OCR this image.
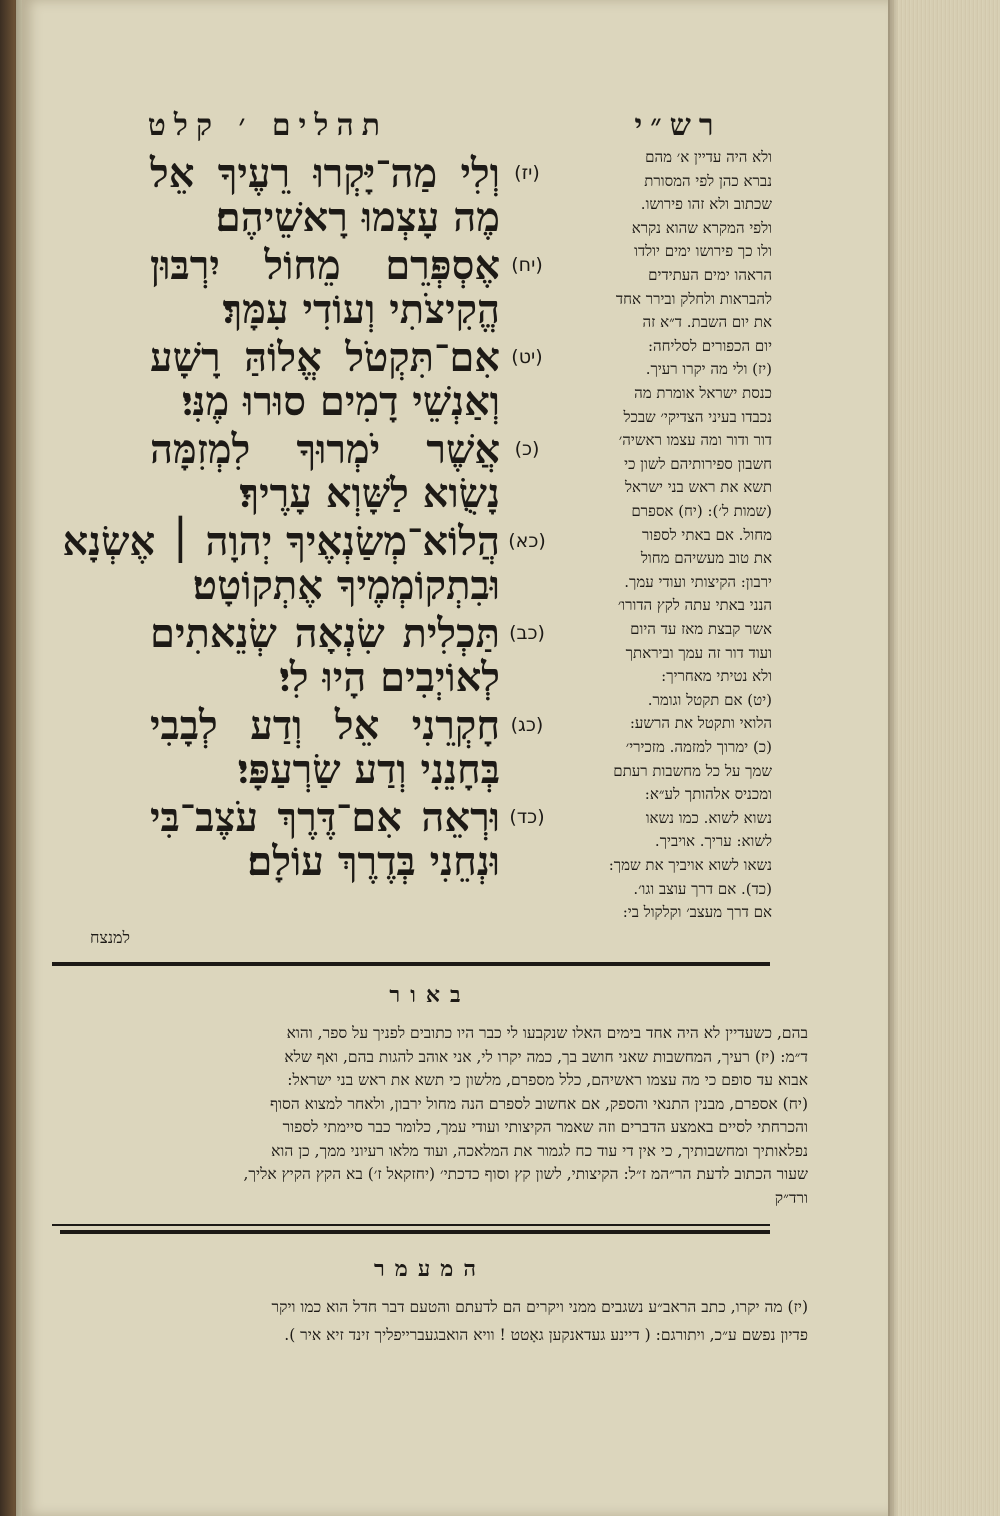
תהלים ׳ קלט	רש״י
(יז)
וְלִי מַה־יָּקְרוּ רֵעֶיךָ אֵל
מֶה עָצְמוּ רָאשֵׁיהֶם׃
(יח)
אֶסְפְּרֵם מֵחוֹל יִרְבּוּן
הֱקִיצֹתִי וְעוֹדִי עִמָּךְ׃
(יט)
אִם־תִּקְטֹל אֱלוֹהַּ רָשָׁע
וְאַנְשֵׁי דָמִים סוּרוּ מֶנִּי׃
(כ)
אֲשֶׁר יֹמְרוּךָ לִמְזִמָּה
נָשֻׂוא לַשָּׁוְא עָרֶיךָ׃
(כא)
הֲלוֹא־מְשַׂנְאֶיךָ יְהוָה ׀ אֶשְׂנָא
וּבִתְקוֹמְמֶיךָ אֶתְקוֹטָט׃
(כב)
תַּכְלִית שִׂנְאָה שְׂנֵאתִים
לְאוֹיְבִים הָיוּ לִי׃
(כג)
חָקְרֵנִי אֵל וְדַע לְבָבִי
בְּחָנֵנִי וְדַע שַׂרְעַפָּי׃
(כד)
וּרְאֵה אִם־דֶּרֶךְ עֹצֶב־בִּי
וּנְחֵנִי בְּדֶרֶךְ עוֹלָם׃
ולא היה עדיין א׳ מהם
נברא כהן לפי המסורת
שכתוב ולא זהו פירושו.
ולפי המקרא שהוא נקרא
ולו כך פירושו ימים יולדו
הראהו ימים העתידים
להבראות ולחלק ובירר אחד
את יום השבת. ד״א זה
יום הכפורים לסליחה:
(יז) ולי מה יקרו רעיך.
כנסת ישראל אומרת מה
נכבדו בעיני הצדיקי׳ שבכל
דור ודור ומה עצמו ראשיה׳
חשבון ספירותיהם לשון כי
תשא את ראש בני ישראל
(שמות ל׳): (יח) אספרם
מחול. אם באתי לספור
את טוב מעשיהם מחול
ירבון: הקיצותי ועודי עמך.
הנני באתי עתה לקץ הדורו׳
אשר קבצת מאז עד היום
ועוד דור זה עמך וביראתך
ולא נטיתי מאחריך:
(יט) אם תקטל וגומר.
הלואי ותקטל את הרשע:
(כ) ימרוך למזמה. מזכירי׳
שמך על כל מחשבות רעתם
ומכניס אלהותך לע״א:
נשוא לשוא. כמו נשאו
לשוא: עריך. אויביך.
נשאו לשוא אויביך את שמך:
(כד). אם דרך עוצב וגו׳.
אם דרך מעצב׳ וקלקול בי:
למנצח
באור
בהם, כשעדיין לא היה אחד בימים האלו שנקבעו לי כבר היו כתובים לפניך על ספר, והוא
ד״מ: (יז) רעיך, המחשבות שאני חושב בך, כמה יקרו לי, אני אוהב להגות בהם, ואף שלא
אבוא עד סופם כי מה עצמו ראשיהם, כלל מספרם, מלשון כי תשא את ראש בני ישראל:
(יח) אספרם, מבנין התנאי והספק, אם אחשוב לספרם הנה מחול ירבון, ולאחר למצוא הסוף
והכרחתי לסיים באמצע הדברים וזה שאמר הקיצותי ועודי עמך, כלומר כבר סיימתי לספור
נפלאותיך ומחשבותיך, כי אין די עוד כח לגמור את המלאכה, ועוד מלאו רעיוני ממך, כן הוא
שעור הכתוב לדעת הר״המ ז״ל: הקיצותי, לשון קץ וסוף כדכתי׳ (יחזקאל ז׳) בא הקץ הקיץ אליך,
ורד״ק
המעמר
(יז) מה יקרו, כתב הראב״ע נשגבים ממני ויקרים הם לדעתם והטעם דבר חדל הוא כמו ויקר
פדיון נפשם ע״כ, ויתורגם: ( דיינע געדאנקען גאָטט ! וויא הואבגעברייפליך זינד זיא איר ).
